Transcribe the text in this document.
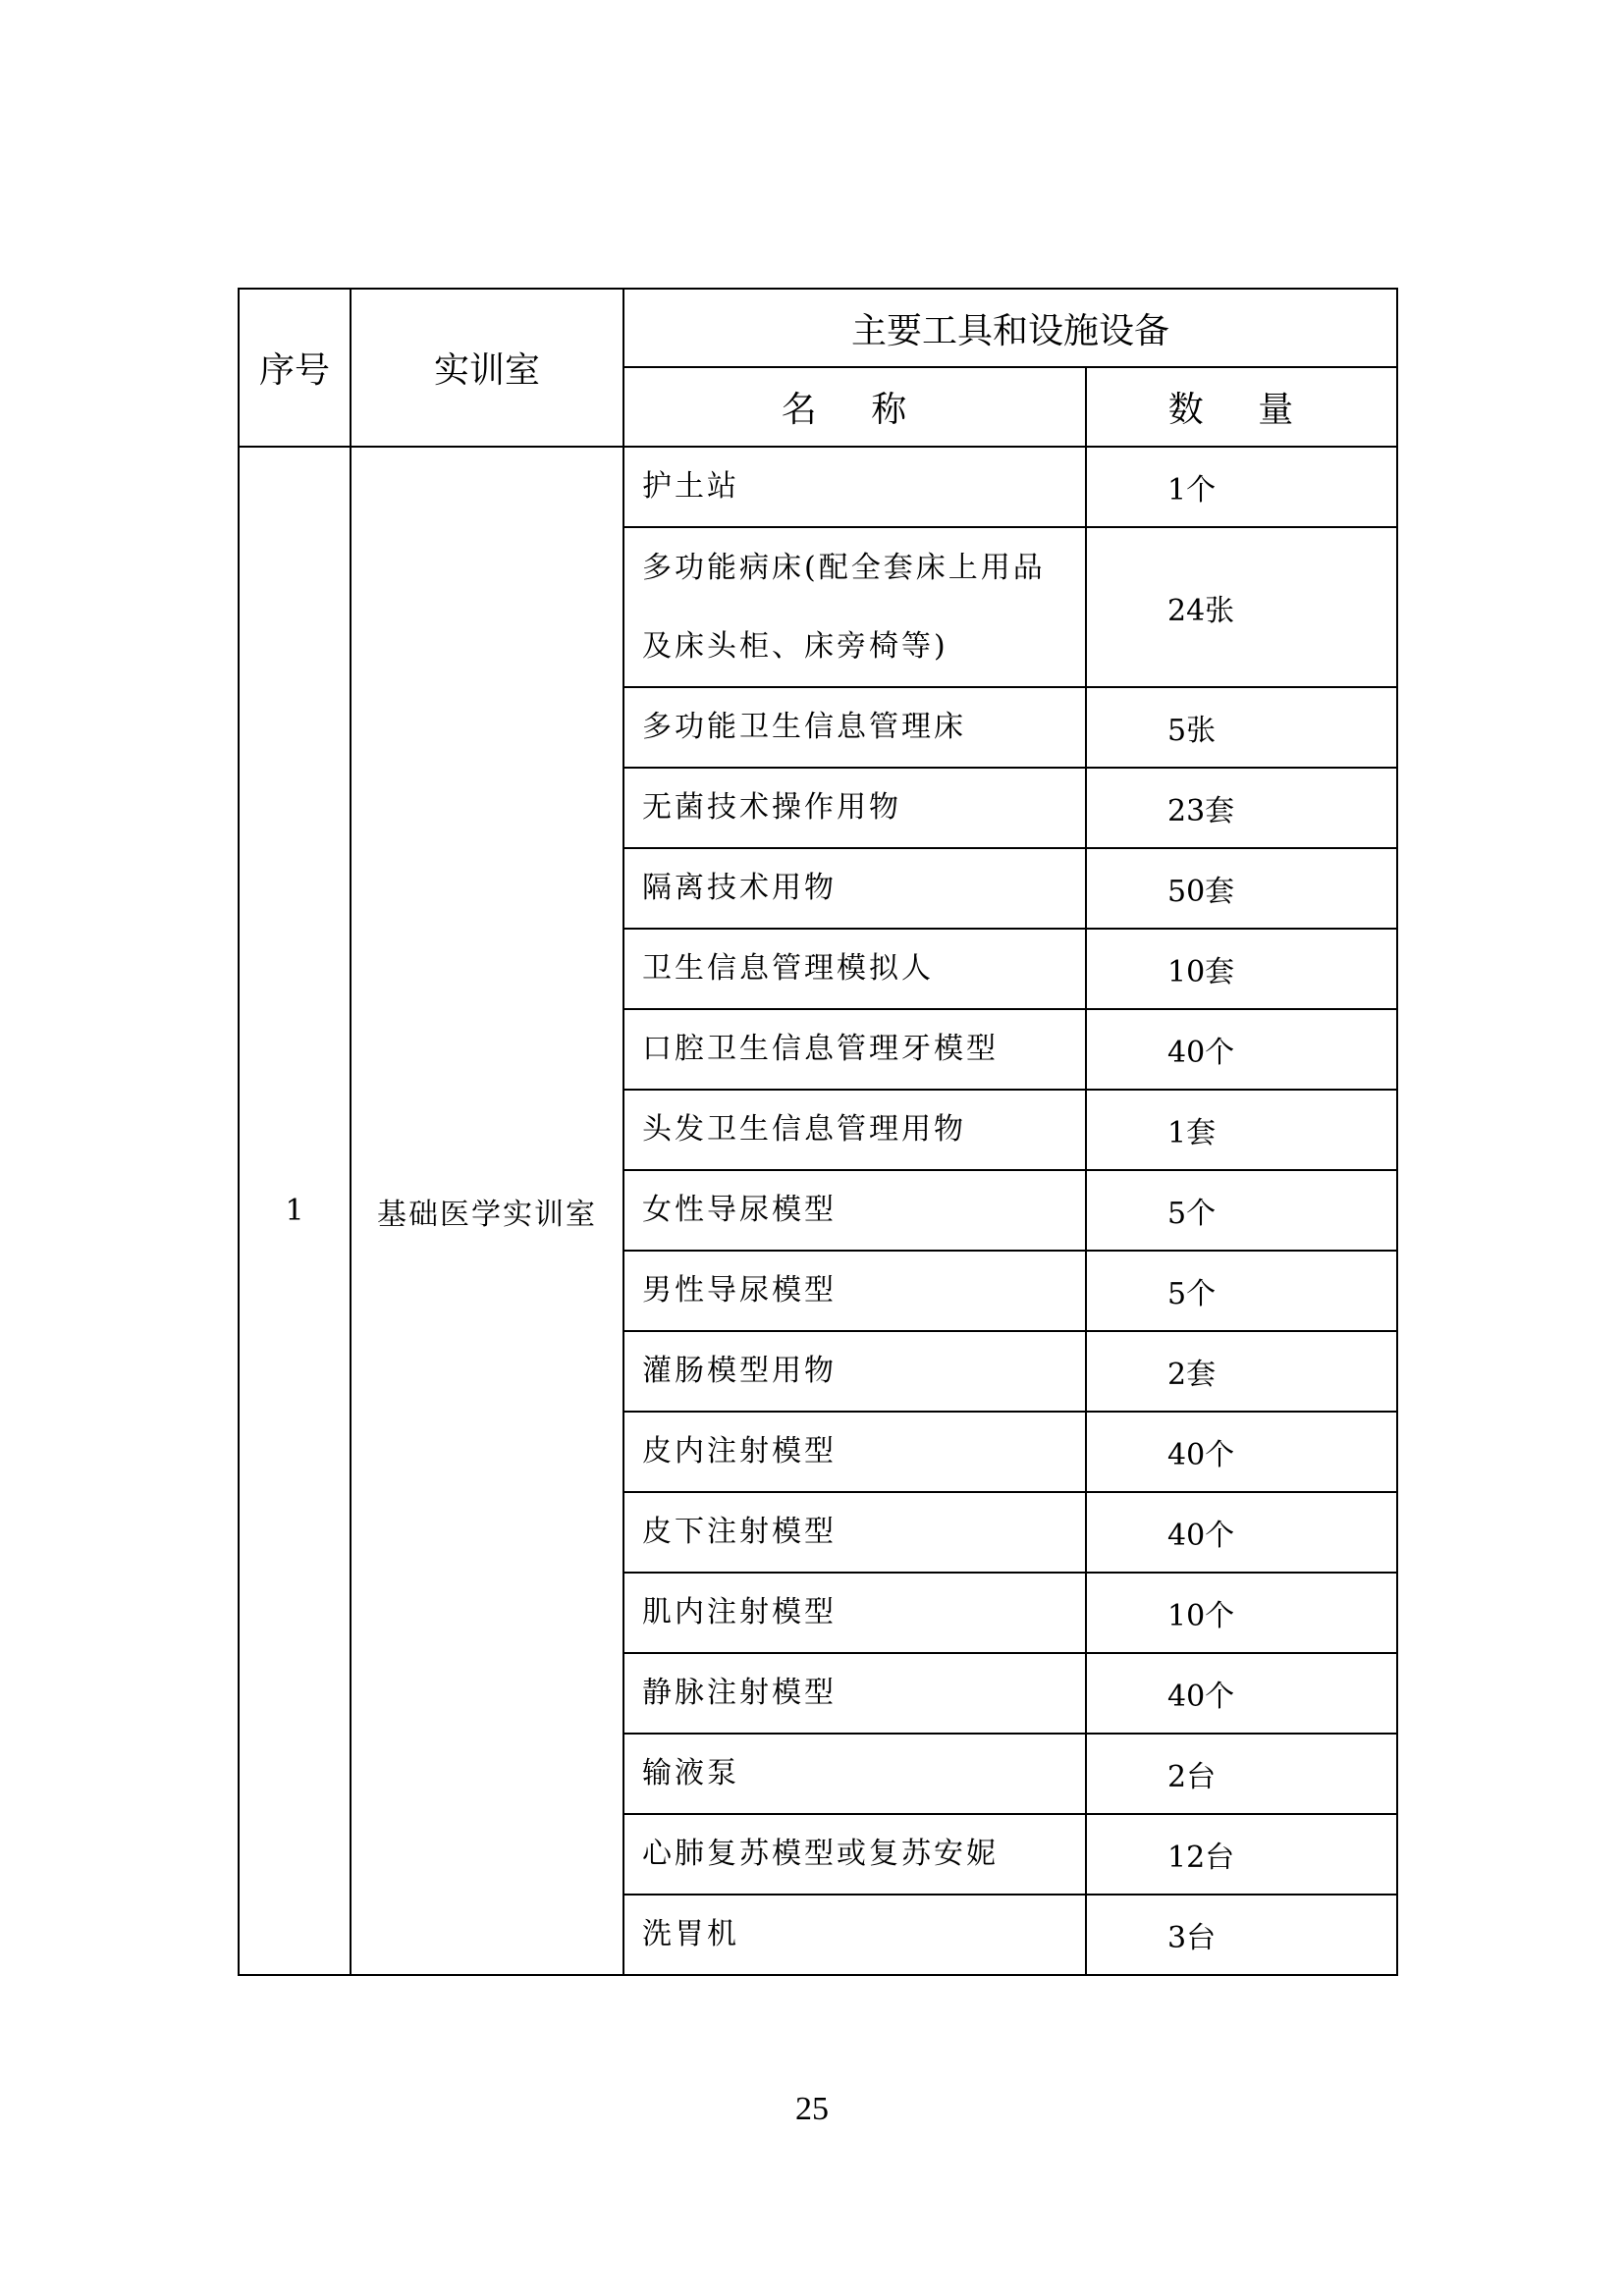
序号	实训室	主要工具和设施设备	
		名 称	数 量
1	基础医学实训室	护土站	1个
		多功能病床(配全套床上用品及床头柜、床旁椅等)	24张
		多功能卫生信息管理床	5张
		无菌技术操作用物	23套
		隔离技术用物	50套
		卫生信息管理模拟人	10套
		口腔卫生信息管理牙模型	40个
		头发卫生信息管理用物	1套
		女性导尿模型	5个
		男性导尿模型	5个
		灌肠模型用物	2套
		皮内注射模型	40个
		皮下注射模型	40个
		肌内注射模型	10个
		静脉注射模型	40个
		输液泵	2台
		心肺复苏模型或复苏安妮	12台
		洗胃机	3台
25
